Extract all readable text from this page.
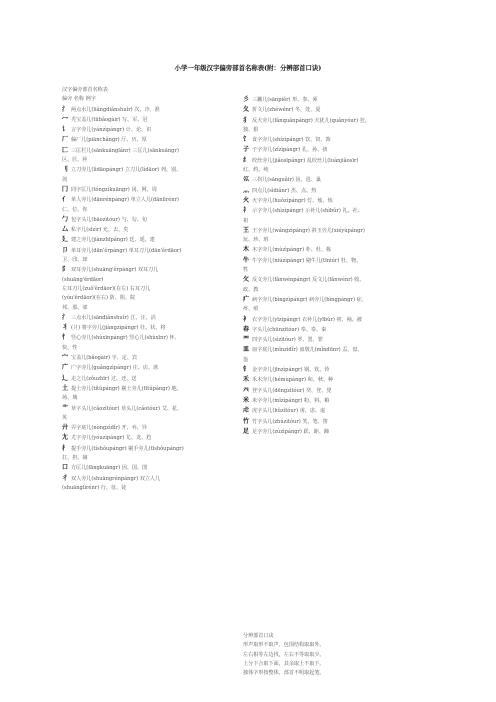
小学一年级汉字偏旁部首名称表(附：分辨部首口诀)
汉字偏旁部首名称表
偏旁 名称 例字
氵 两点水儿(liǎngdiǎnshuǐr) 次、冷、准
冖 秃宝盖儿(tūbǎogàir) 写、军、冠
讠 言字旁儿(yánzìpángr) 计、论、识
厂 偏厂儿(piānchǎngr) 厅、历、厚
匚 三匡栏儿(sānkuānglánr) 三匡儿(sānkuāngr)
区、匠、匣
刂 立刀旁儿(lìdāopángr) 立刀儿(lìdāor) 列、别、
剑
冂 同字匡儿(tóngzìkuāngr) 冈、网、周
亻 单人旁儿(dānrénpángr) 单立人儿(dānlìrénr)
仁、位、你
勹 包字头儿(bāozìtóur) 勺、勾、旬
厶 私字儿(sīzìr) 允、去、矣
廴 建之旁儿(jiànzhīpángr) 廷、延、建
卩 单耳旁儿(dān'ěrpángr) 单耳刀儿(dān'ěrdāor)
卫、印、却
阝 双耳旁儿(shuāng'ěrpángr) 双耳刀儿
(shuāng'ěrdāor)
左耳刀儿(zuǒ'ěrdāor)(在左) 右耳刀儿
(yòu'ěrdāor)(在右) 防、阻、院
邦、那、郊
氵 三点水儿(sāndiǎnshuǐr) 江、汪、活
丬 (爿) 将字旁儿(jiàngzìpángr) 壮、状、将
忄 竖心旁儿(shùxīnpángr) 竖心儿(shùxīnr) 怀、
快、性
宀 宝盖儿(bǎogàir) 字、定、宾
广 广字旁儿(guǎngzìpángr) 庄、店、席
辶 走之儿(zǒuzhīr) 过、还、送
土 提土旁儿(títǔpángr) 剔土旁儿(tītǔpángr) 地、
场、城
艹 草字头儿(cǎozìtóur) 草头儿(cǎotóur) 艾、花、
英
廾 弄字底儿(nòngzìdǐr) 开、弁、异
尢 尤字旁儿(yóuzìpángr) 尤、龙、尥
扌 提手旁儿(tíshǒupángr) 剔手旁儿(tīshǒupángr)
扛、担、摘
口 方匡儿(fāngkuāngr) 因、国、图
彳 双人旁儿(shuāngrénpángr) 双立人儿
(shuānglìrénr) 行、征、徒
彡 三撇儿(sānpiěr) 形、参、须
夂 折文儿(zhéwénr) 冬、处、夏
犭 反犬旁儿(fǎnquǎnpángr) 犬犹儿(quǎnyóur) 狂、
独、狠
饣 食字旁儿(shízìpángr) 饮、饲、饰
子 子字旁儿(zǐzìpángr) 孔、孙、孩
纟 绞丝旁儿(jiǎosīpángr) 乱绞丝儿(luànjiǎosīr)
红、约、纯
巛 三拐儿(sānguǎir) 甾、邕、巢
灬 四点儿(sìdiǎnr) 杰、点、热
火 火字旁儿(huǒzìpángr) 灯、烛、炼
礻 示字旁儿(shìzìpángr) 示补儿(shìbǔr) 礼、社、
祖
王 王字旁儿(wángzìpángr) 斜玉旁儿(xiéyùpángr)
玩、珍、班
木 木字旁儿(mùzìpángr) 朴、杜、栋
牛 牛字旁儿(niúzìpángr) 剔牛儿(tīniúr) 牡、物、
牲
攵 反文旁儿(fǎnwénpángr) 反文儿(fǎnwénr) 收、
政、教
疒 病字旁儿(bìngzìpángr) 病旁儿(bìngpángr) 症、
疼、痕
衤 衣字旁儿(yīzìpángr) 衣补儿(yībǔr) 初、袖、被
春 字头儿(chūnzìtóur) 奉、奏、秦
罒 四字头儿(sìzìtóur) 罗、罢、罪
皿 皿字底儿(mǐnzìdǐr) 皿墩儿(mǐndūnr) 盂、盘、
盔
钅 金字旁儿(jīnzìpángr) 钢、钦、铃
禾 禾木旁儿(hémùpángr) 和、秋、种
癶 登字头儿(dēngzìtóur) 癸、登、凳
米 米字旁儿(mǐzìpángr) 粉、料、粮
虍 虎字头儿(hǔzìtóur) 虏、虑、虚
竹 竹字头儿(zhúzìtóur) 笑、笔、笛
足 足字旁儿(zúzìpángr) 跃、距、蹄
分辨部首口诀
形声取形不取声，包围结构取取外。
左右相等左边找，左右不等取取少。
上分下合取下面，其余取上不取下。
独体字形按整体，部首不明取起笔。
